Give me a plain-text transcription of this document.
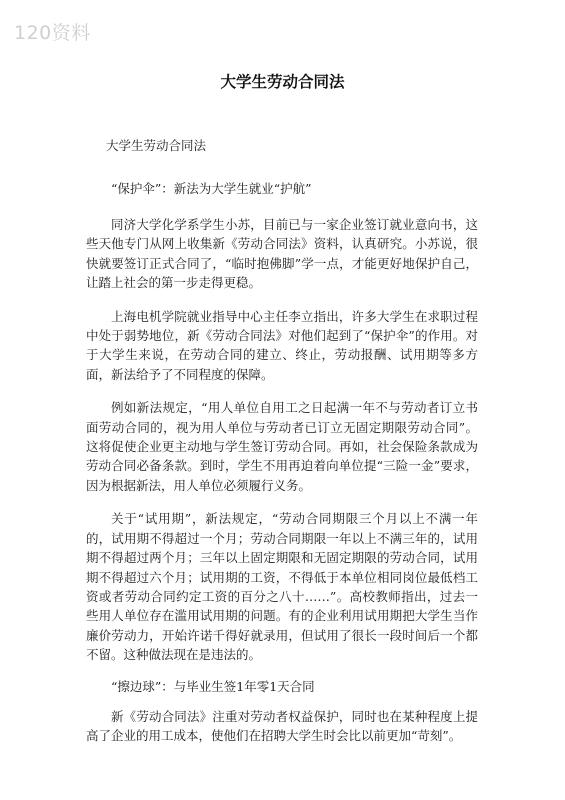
120资料
大学生劳动合同法

大学生劳动合同法

“保护伞”：新法为大学生就业“护航”

同济大学化学系学生小苏，目前已与一家企业签订就业意向书，这些天他专门从网上收集新《劳动合同法》资料，认真研究。小苏说，很快就要签订正式合同了，“临时抱佛脚”学一点，才能更好地保护自己，让踏上社会的第一步走得更稳。

上海电机学院就业指导中心主任李立指出，许多大学生在求职过程中处于弱势地位，新《劳动合同法》对他们起到了“保护伞”的作用。对于大学生来说，在劳动合同的建立、终止，劳动报酬、试用期等多方面，新法给予了不同程度的保障。

例如新法规定，“用人单位自用工之日起满一年不与劳动者订立书面劳动合同的，视为用人单位与劳动者已订立无固定期限劳动合同”。这将促使企业更主动地与学生签订劳动合同。再如，社会保险条款成为劳动合同必备条款。到时，学生不用再迫着向单位提“三险一金”要求，因为根据新法，用人单位必须履行义务。

关于“试用期”，新法规定，“劳动合同期限三个月以上不满一年的，试用期不得超过一个月；劳动合同期限一年以上不满三年的，试用期不得超过两个月；三年以上固定期限和无固定期限的劳动合同，试用期不得超过六个月；试用期的工资，不得低于本单位相同岗位最低档工资或者劳动合同约定工资的百分之八十……”。高校教师指出，过去一些用人单位存在滥用试用期的问题。有的企业利用试用期把大学生当作廉价劳动力，开始许诺千得好就录用，但试用了很长一段时间后一个都不留。这种做法现在是违法的。

“擦边球”：与毕业生签1年零1天合同

新《劳动合同法》注重对劳动者权益保护，同时也在某种程度上提高了企业的用工成本，使他们在招聘大学生时会比以前更加“苛刻”。
